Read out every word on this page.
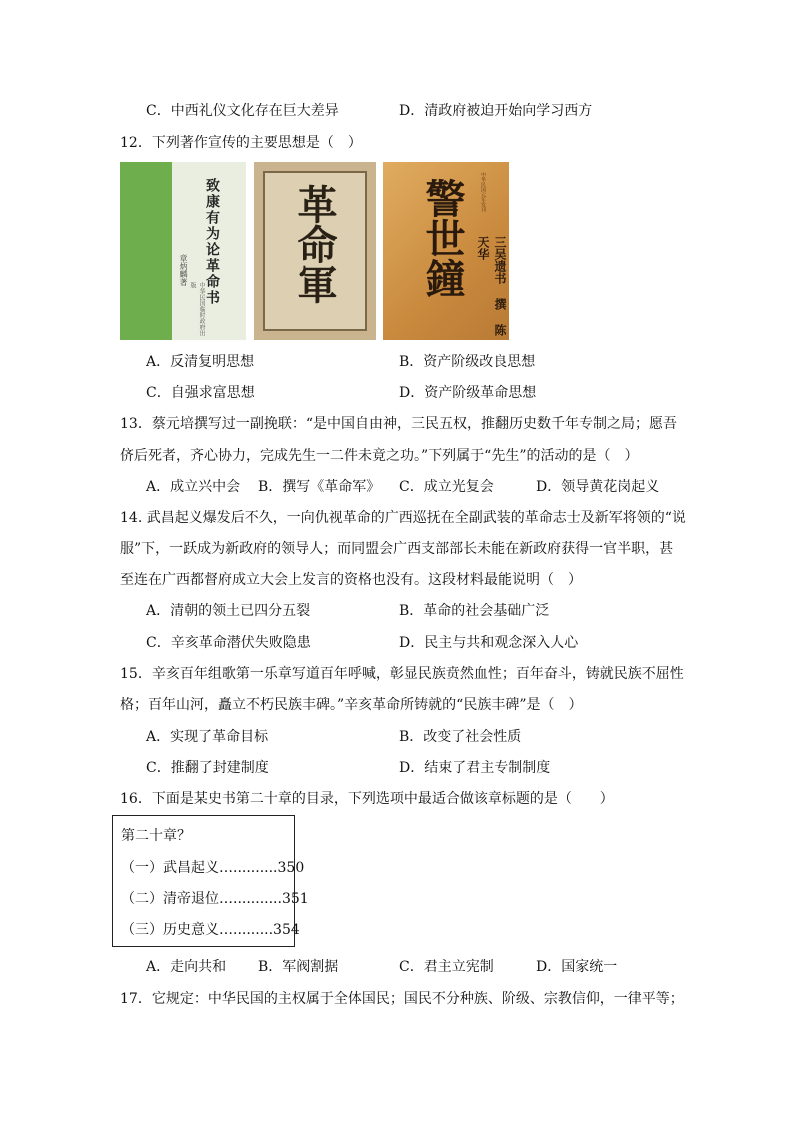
C．中西礼仪文化存在巨大差异	D．清政府被迫开始向学习西方
12．下列著作宣传的主要思想是（　）
致康有为论革命书
章炳麟著
中华民国临时政府出版 革命軍	中华民国元年发刊
警世鐘	三吴遗书 撰 陈天华
A．反清复明思想	B．资产阶级改良思想
C．自强求富思想	D．资产阶级革命思想
13．蔡元培撰写过一副挽联：“是中国自由神，三民五权，推翻历史数千年专制之局；愿吾
侪后死者，齐心协力，完成先生一二件未竟之功。”下列属于“先生”的活动的是（　）
A．成立兴中会 B．撰写《革命军》 C．成立光复会	D．领导黄花岗起义
14. 武昌起义爆发后不久，一向仇视革命的广西巡抚在全副武装的革命志士及新军将领的“说
服”下，一跃成为新政府的领导人；而同盟会广西支部部长未能在新政府获得一官半职，甚
至连在广西都督府成立大会上发言的资格也没有。这段材料最能说明（　）
A．清朝的领土已四分五裂	B．革命的社会基础广泛
C．辛亥革命潜伏失败隐患	D．民主与共和观念深入人心
15．辛亥百年组歌第一乐章写道百年呼喊，彰显民族贲然血性；百年奋斗，铸就民族不屈性
格；百年山河，矗立不朽民族丰碑。”辛亥革命所铸就的“民族丰碑”是（　）
A．实现了革命目标	B．改变了社会性质
C．推翻了封建制度	D．结束了君主专制制度
16．下面是某史书第二十章的目录，下列选项中最适合做该章标题的是（　　）
第二十章？
（一）武昌起义…..........350
（二）清帝退位…...........351
（三）历史意义….........354
A．走向共和 B．军阀割据	C．君主立宪制	D．国家统一
17．它规定：中华民国的主权属于全体国民；国民不分种族、阶级、宗教信仰，一律平等；
